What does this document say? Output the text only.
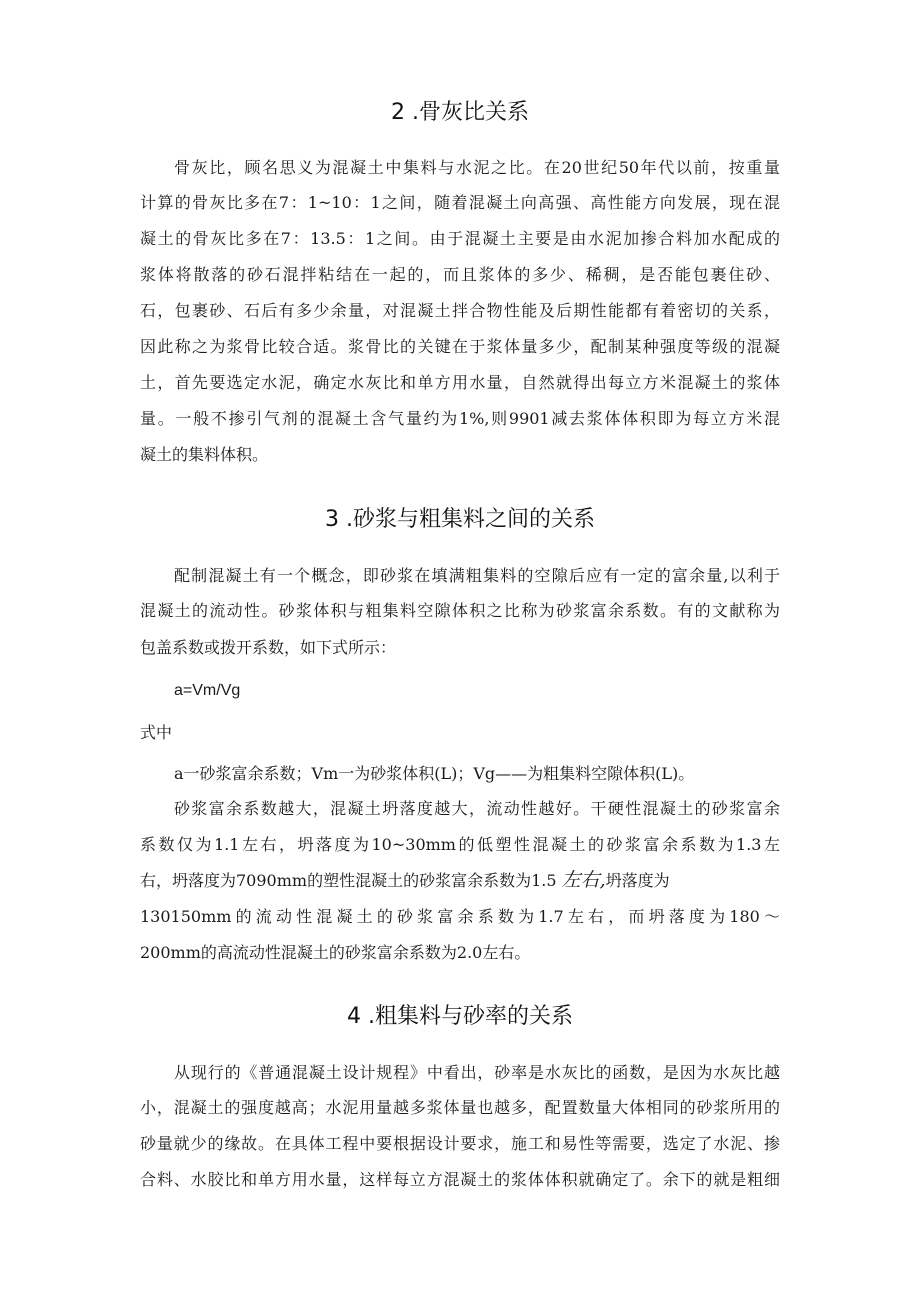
2 .骨灰比关系
骨灰比，顾名思义为混凝土中集料与水泥之比。在20世纪50年代以前，按重量
计算的骨灰比多在7：1~10：1之间，随着混凝土向高强、高性能方向发展，现在混
凝土的骨灰比多在7：13.5：1之间。由于混凝土主要是由水泥加掺合料加水配成的
浆体将散落的砂石混拌粘结在一起的，而且浆体的多少、稀稠，是否能包裹住砂、
石，包裹砂、石后有多少余量，对混凝土拌合物性能及后期性能都有着密切的关系，
因此称之为浆骨比较合适。浆骨比的关键在于浆体量多少，配制某种强度等级的混凝
土，首先要选定水泥，确定水灰比和单方用水量，自然就得出每立方米混凝土的浆体
量。一般不掺引气剂的混凝土含气量约为1%,则9901减去浆体体积即为每立方米混
凝土的集料体积。
3 .砂浆与粗集料之间的关系
配制混凝土有一个概念，即砂浆在填满粗集料的空隙后应有一定的富余量,以利于
混凝土的流动性。砂浆体积与粗集料空隙体积之比称为砂浆富余系数。有的文献称为
包盖系数或拨开系数，如下式所示：
a=Vm/Vg
式中
a一砂浆富余系数；Vm一为砂浆体积(L)；Vg——为粗集料空隙体积(L)。
砂浆富余系数越大，混凝土坍落度越大，流动性越好。干硬性混凝土的砂浆富余
系数仅为1.1左右，坍落度为10~30mm的低塑性混凝土的砂浆富余系数为1.3左
右，坍落度为7090mm的塑性混凝土的砂浆富余系数为1.5 左右,坍落度为
130150mm的流动性混凝土的砂浆富余系数为1.7左右，而坍落度为180～
200mm的高流动性混凝土的砂浆富余系数为2.0左右。
4 .粗集料与砂率的关系
从现行的《普通混凝土设计规程》中看出，砂率是水灰比的函数，是因为水灰比越
小，混凝土的强度越高；水泥用量越多浆体量也越多，配置数量大体相同的砂浆所用的
砂量就少的缘故。在具体工程中要根据设计要求，施工和易性等需要，选定了水泥、掺
合料、水胶比和单方用水量，这样每立方混凝土的浆体体积就确定了。余下的就是粗细
